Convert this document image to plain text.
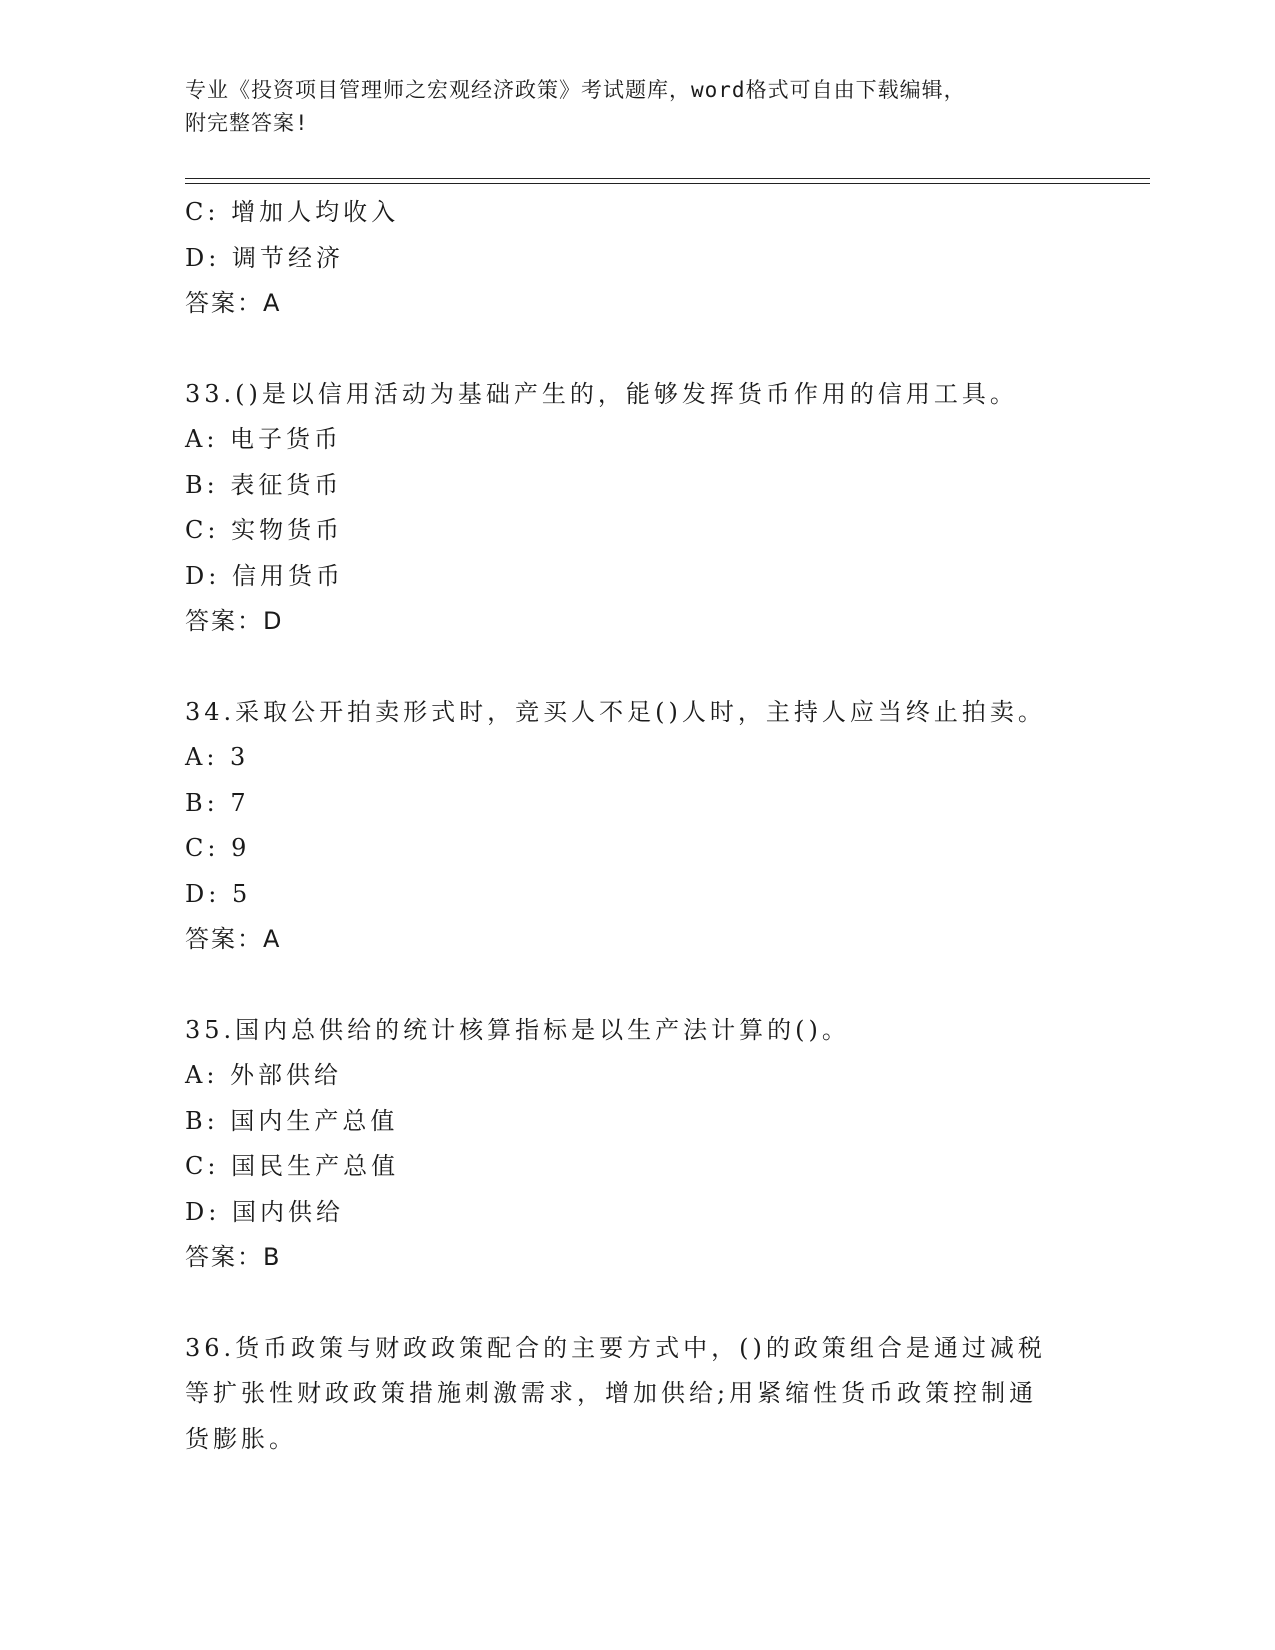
专业《投资项目管理师之宏观经济政策》考试题库，word格式可自由下载编辑，
附完整答案!
C: 增加人均收入
D: 调节经济
答案：A
33.()是以信用活动为基础产生的，能够发挥货币作用的信用工具。
A: 电子货币
B: 表征货币
C: 实物货币
D: 信用货币
答案：D
34.采取公开拍卖形式时，竞买人不足()人时，主持人应当终止拍卖。
A: 3
B: 7
C: 9
D: 5
答案：A
35.国内总供给的统计核算指标是以生产法计算的()。
A: 外部供给
B: 国内生产总值
C: 国民生产总值
D: 国内供给
答案：B
36.货币政策与财政政策配合的主要方式中，()的政策组合是通过减税
等扩张性财政政策措施刺激需求，增加供给;用紧缩性货币政策控制通
货膨胀。
